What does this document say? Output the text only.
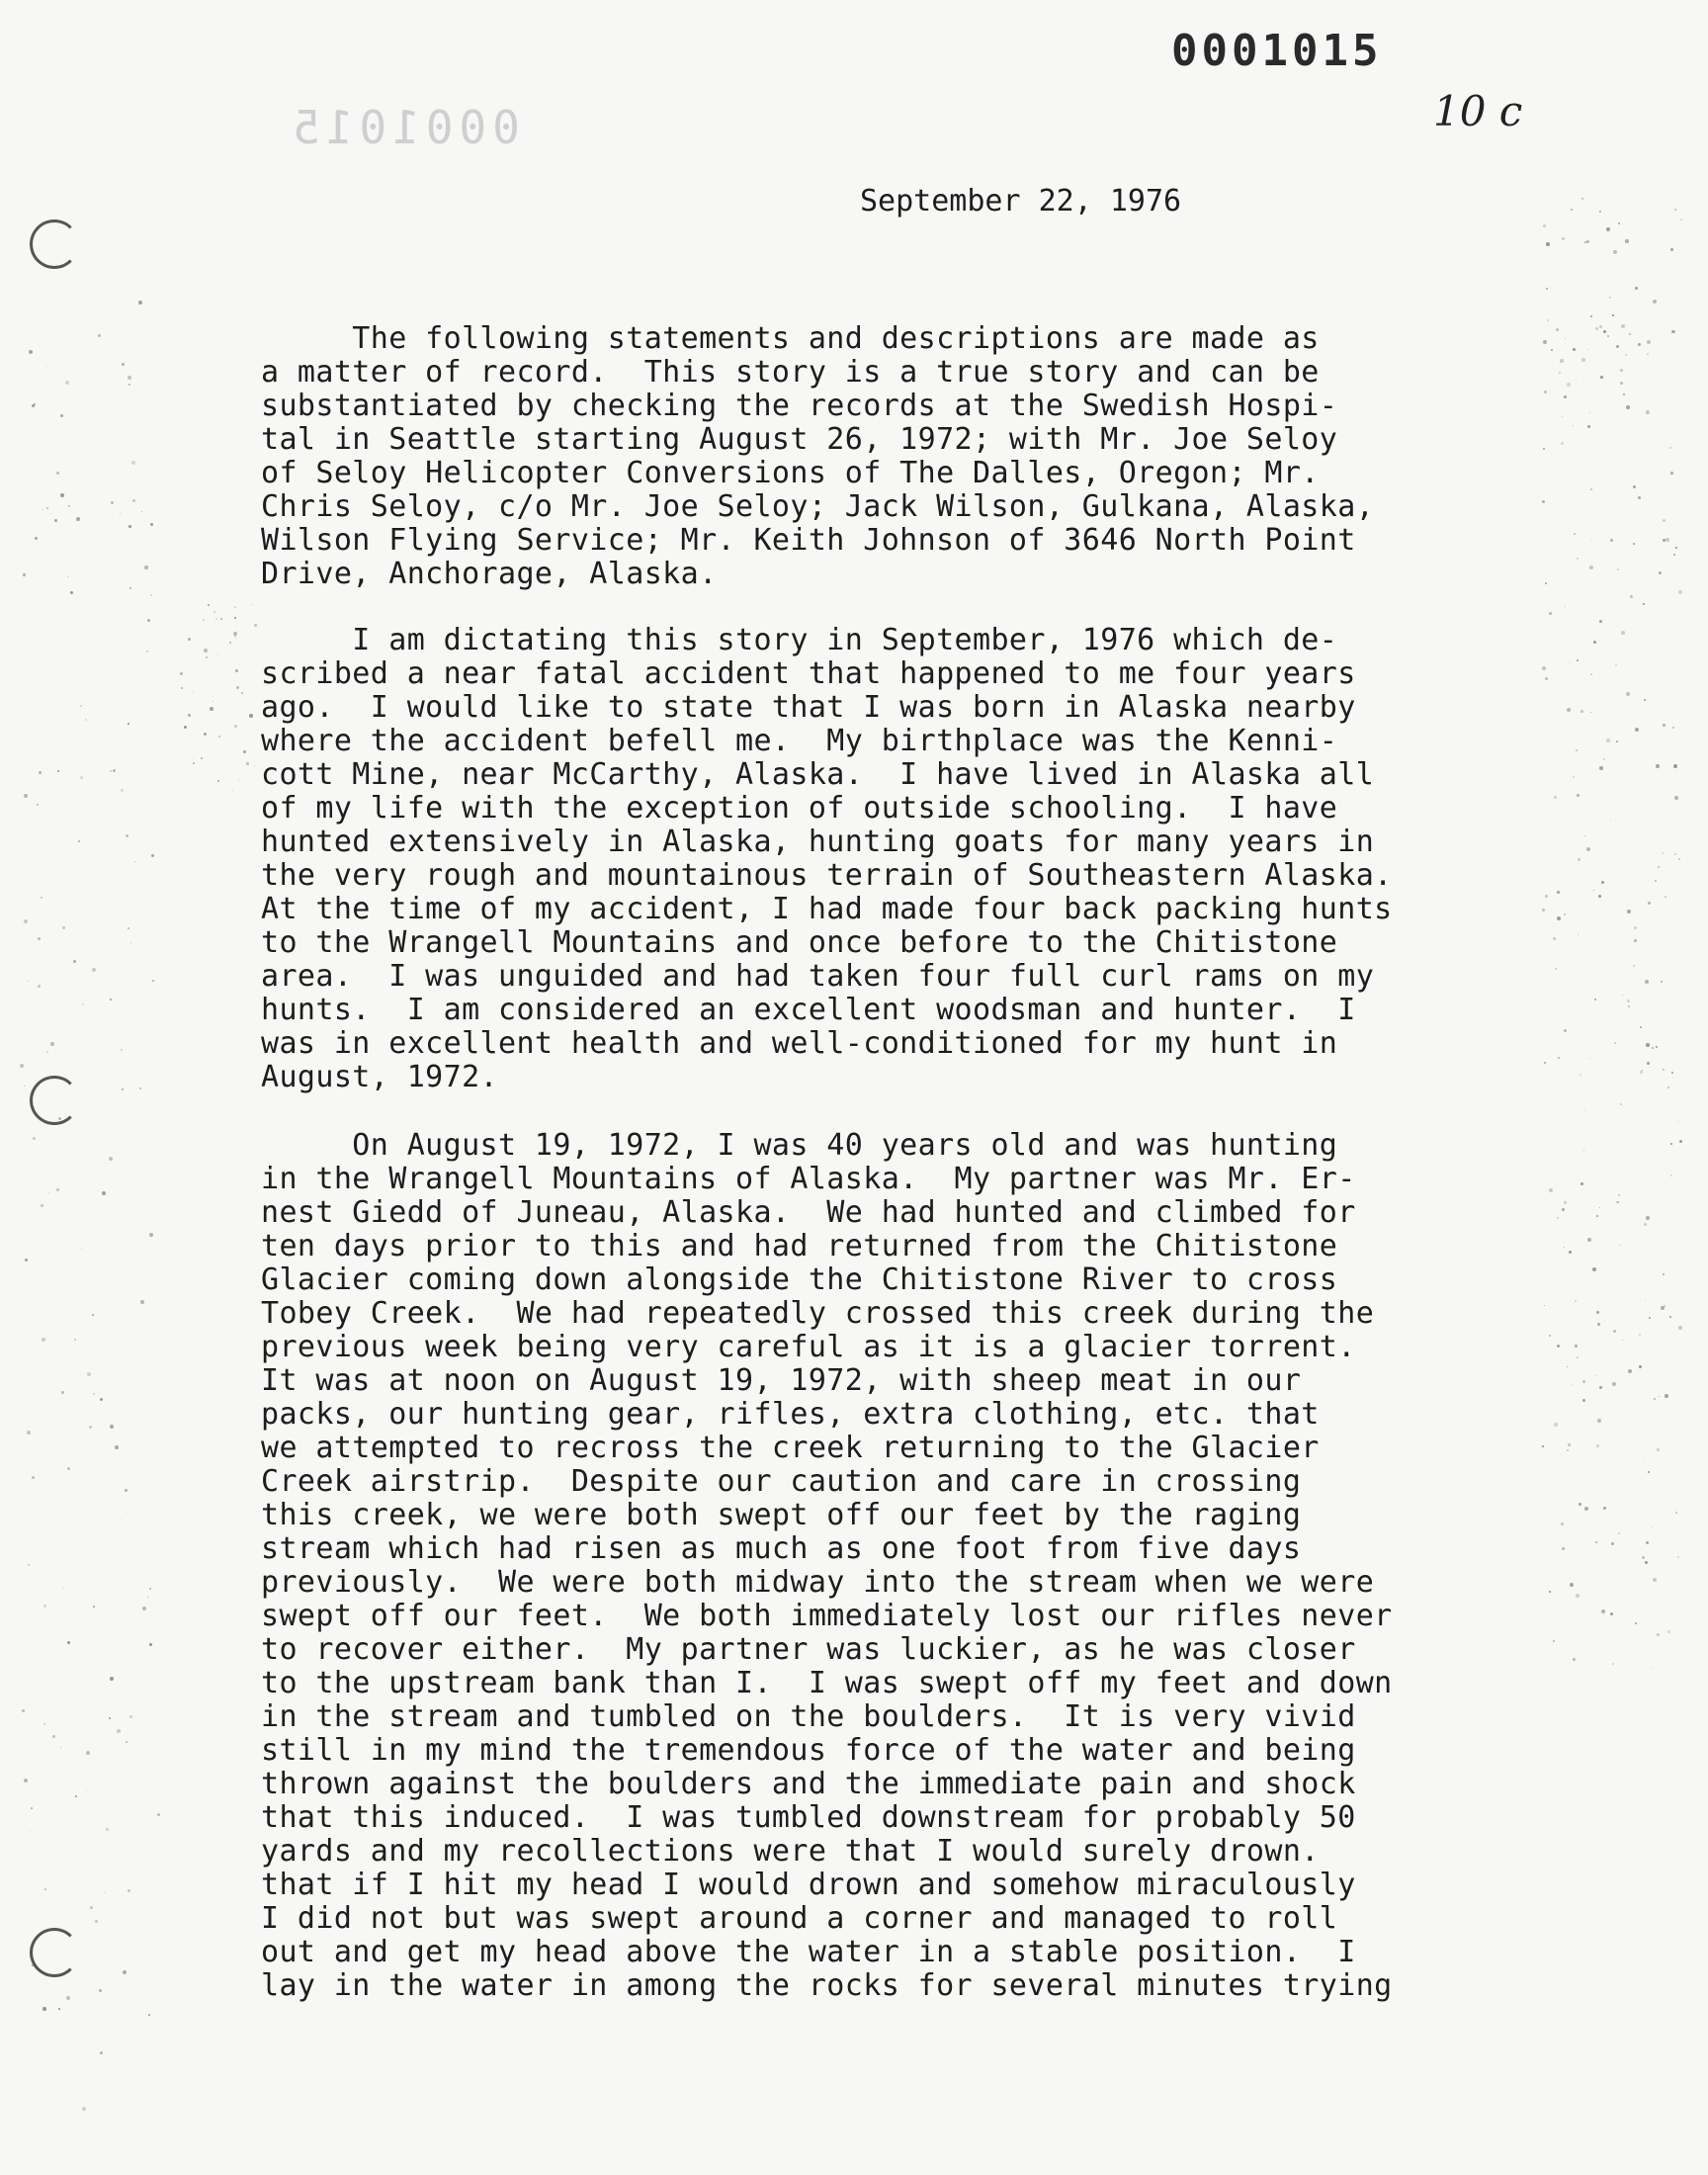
0001015
0001015
10 c
September 22, 1976
The following statements and descriptions are made as
a matter of record.  This story is a true story and can be
substantiated by checking the records at the Swedish Hospi-
tal in Seattle starting August 26, 1972; with Mr. Joe Seloy
of Seloy Helicopter Conversions of The Dalles, Oregon; Mr.
Chris Seloy, c/o Mr. Joe Seloy; Jack Wilson, Gulkana, Alaska,
Wilson Flying Service; Mr. Keith Johnson of 3646 North Point
Drive, Anchorage, Alaska.
I am dictating this story in September, 1976 which de-
scribed a near fatal accident that happened to me four years
ago.  I would like to state that I was born in Alaska nearby
where the accident befell me.  My birthplace was the Kenni-
cott Mine, near McCarthy, Alaska.  I have lived in Alaska all
of my life with the exception of outside schooling.  I have
hunted extensively in Alaska, hunting goats for many years in
the very rough and mountainous terrain of Southeastern Alaska.
At the time of my accident, I had made four back packing hunts
to the Wrangell Mountains and once before to the Chitistone
area.  I was unguided and had taken four full curl rams on my
hunts.  I am considered an excellent woodsman and hunter.  I
was in excellent health and well-conditioned for my hunt in
August, 1972.
On August 19, 1972, I was 40 years old and was hunting
in the Wrangell Mountains of Alaska.  My partner was Mr. Er-
nest Giedd of Juneau, Alaska.  We had hunted and climbed for
ten days prior to this and had returned from the Chitistone
Glacier coming down alongside the Chitistone River to cross
Tobey Creek.  We had repeatedly crossed this creek during the
previous week being very careful as it is a glacier torrent.
It was at noon on August 19, 1972, with sheep meat in our
packs, our hunting gear, rifles, extra clothing, etc. that
we attempted to recross the creek returning to the Glacier
Creek airstrip.  Despite our caution and care in crossing
this creek, we were both swept off our feet by the raging
stream which had risen as much as one foot from five days
previously.  We were both midway into the stream when we were
swept off our feet.  We both immediately lost our rifles never
to recover either.  My partner was luckier, as he was closer
to the upstream bank than I.  I was swept off my feet and down
in the stream and tumbled on the boulders.  It is very vivid
still in my mind the tremendous force of the water and being
thrown against the boulders and the immediate pain and shock
that this induced.  I was tumbled downstream for probably 50
yards and my recollections were that I would surely drown.
that if I hit my head I would drown and somehow miraculously
I did not but was swept around a corner and managed to roll
out and get my head above the water in a stable position.  I
lay in the water in among the rocks for several minutes trying
